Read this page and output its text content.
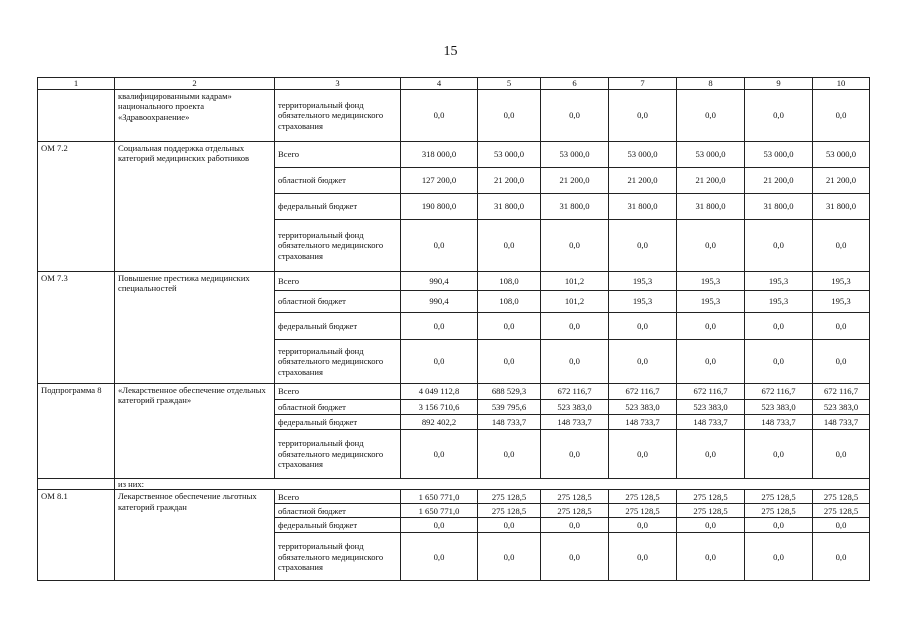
15
1	2	3	4	5	6	7	8	9	10
	квалифицированными кадрам» национального проекта «Здравоохранение»	территориальный фонд обязательного медицинского страхования	0,0	0,0	0,0	0,0	0,0	0,0	0,0
ОМ 7.2	Социальная поддержка отдельных категорий медицинских работников	Всего	318 000,0	53 000,0	53 000,0	53 000,0	53 000,0	53 000,0	53 000,0
		областной бюджет	127 200,0	21 200,0	21 200,0	21 200,0	21 200,0	21 200,0	21 200,0
		федеральный бюджет	190 800,0	31 800,0	31 800,0	31 800,0	31 800,0	31 800,0	31 800,0
		территориальный фонд обязательного медицинского страхования	0,0	0,0	0,0	0,0	0,0	0,0	0,0
ОМ 7.3	Повышение престижа медицинских специальностей	Всего	990,4	108,0	101,2	195,3	195,3	195,3	195,3
		областной бюджет	990,4	108,0	101,2	195,3	195,3	195,3	195,3
		федеральный бюджет	0,0	0,0	0,0	0,0	0,0	0,0	0,0
		территориальный фонд обязательного медицинского страхования	0,0	0,0	0,0	0,0	0,0	0,0	0,0
Подпрограмма 8	«Лекарственное обеспечение отдельных категорий граждан»	Всего	4 049 112,8	688 529,3	672 116,7	672 116,7	672 116,7	672 116,7	672 116,7
		областной бюджет	3 156 710,6	539 795,6	523 383,0	523 383,0	523 383,0	523 383,0	523 383,0
		федеральный бюджет	892 402,2	148 733,7	148 733,7	148 733,7	148 733,7	148 733,7	148 733,7
		территориальный фонд обязательного медицинского страхования	0,0	0,0	0,0	0,0	0,0	0,0	0,0
	из них:								
ОМ 8.1	Лекарственное обеспечение льготных категорий граждан	Всего	1 650 771,0	275 128,5	275 128,5	275 128,5	275 128,5	275 128,5	275 128,5
		областной бюджет	1 650 771,0	275 128,5	275 128,5	275 128,5	275 128,5	275 128,5	275 128,5
		федеральный бюджет	0,0	0,0	0,0	0,0	0,0	0,0	0,0
		территориальный фонд обязательного медицинского страхования	0,0	0,0	0,0	0,0	0,0	0,0	0,0
